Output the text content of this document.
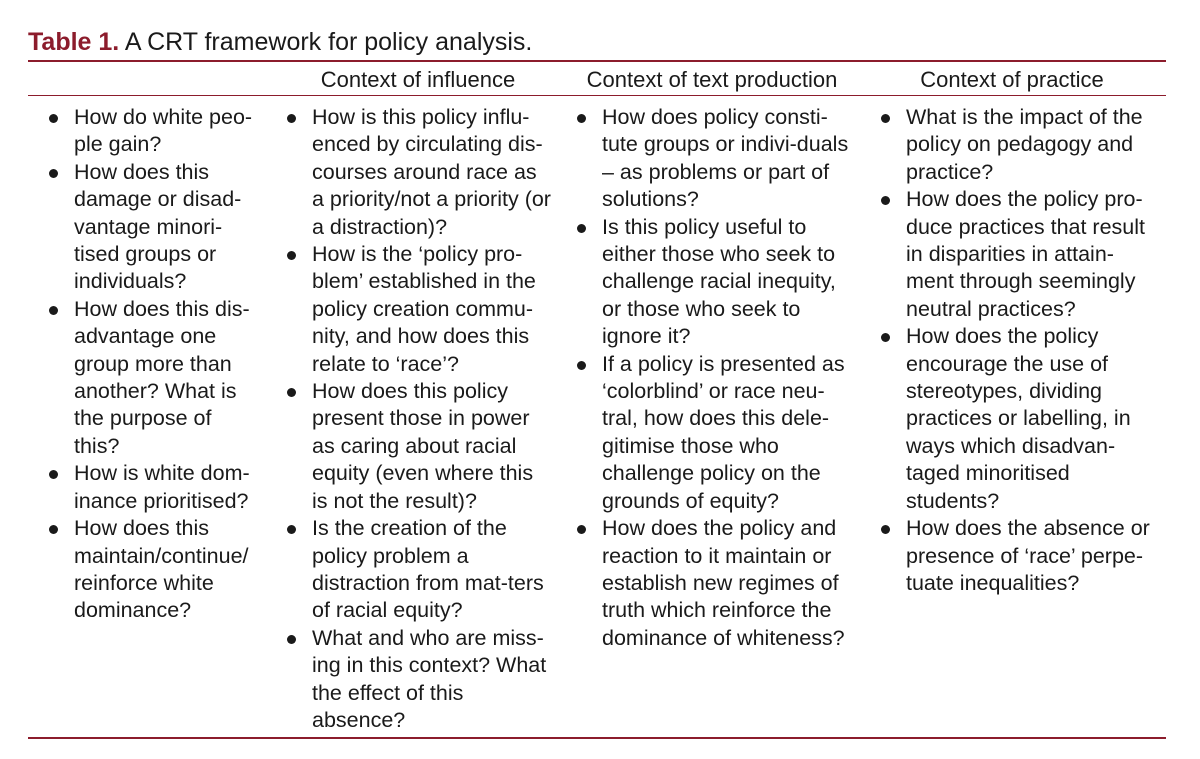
Table 1. A CRT framework for policy analysis.
Context of influence	Context of text production	Context of practice
How do white peo-ple gain?
How does this damage or disad-vantage minori-tised groups or individuals?
How does this dis-advantage one group more than another? What is the purpose of this?
How is white dom-inance prioritised?
How does this maintain/continue/ reinforce white dominance?
How is this policy influ-enced by circulating dis-courses around race as a priority/not a priority (or a distraction)?
How is the ‘policy pro-blem’ established in the policy creation commu-nity, and how does this relate to ‘race’?
How does this policy present those in power as caring about racial equity (even where this is not the result)?
Is the creation of the policy problem a distraction from mat-ters of racial equity?
What and who are miss-ing in this context? What the effect of this absence?
How does policy consti-tute groups or indivi-duals – as problems or part of solutions?
Is this policy useful to either those who seek to challenge racial inequity, or those who seek to ignore it?
If a policy is presented as ‘colorblind’ or race neu-tral, how does this dele-gitimise those who challenge policy on the grounds of equity?
How does the policy and reaction to it maintain or establish new regimes of truth which reinforce the dominance of whiteness?
What is the impact of the policy on pedagogy and practice?
How does the policy pro-duce practices that result in disparities in attain-ment through seemingly neutral practices?
How does the policy encourage the use of stereotypes, dividing practices or labelling, in ways which disadvan-taged minoritised students?
How does the absence or presence of ‘race’ perpe-tuate inequalities?
